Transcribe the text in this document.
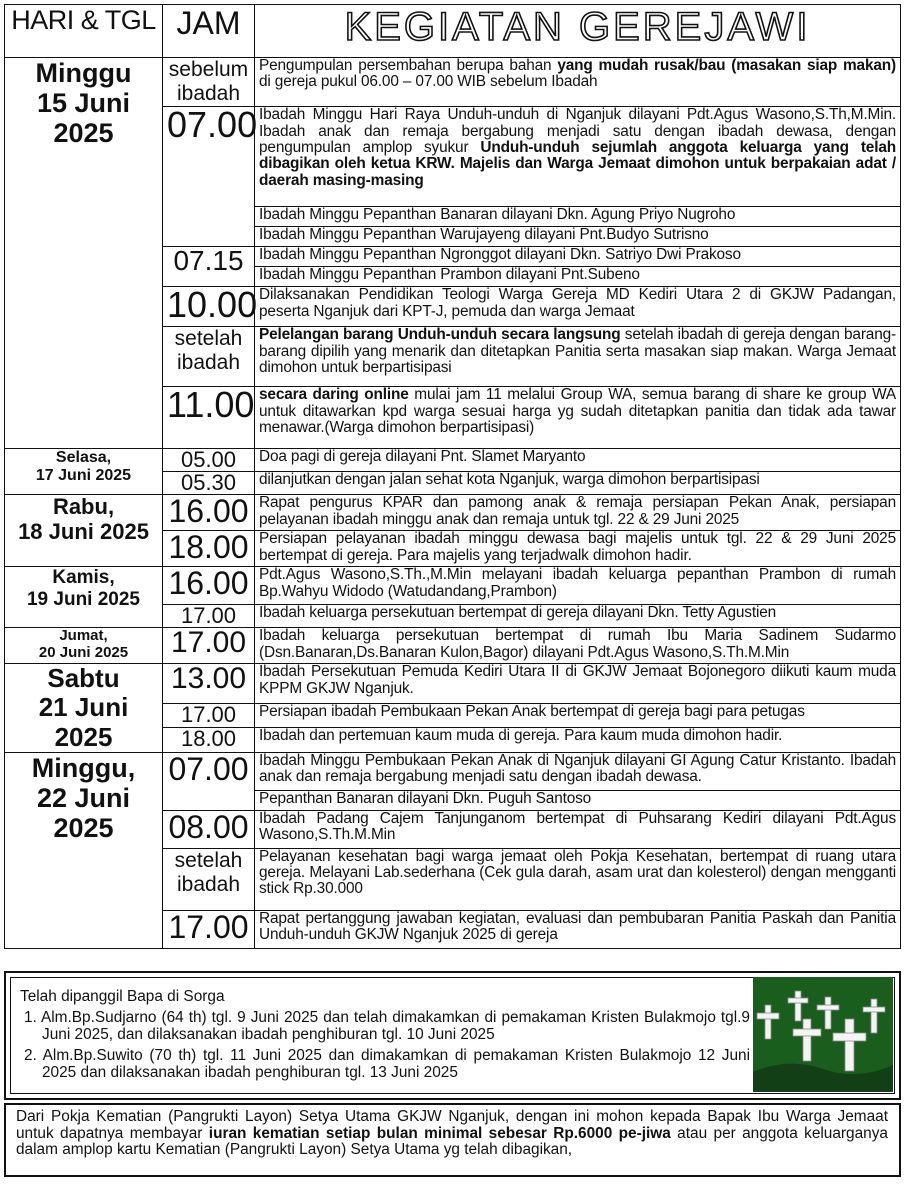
HARI & TGL	JAM	KEGIATAN GEREJAWI

Minggu
15 Juni 2025	sebelum ibadah	Pengumpulan persembahan berupa bahan yang mudah rusak/bau (masakan siap makan) di gereja pukul 06.00 – 07.00 WIB sebelum Ibadah
	07.00	Ibadah Minggu Hari Raya Unduh-unduh di Nganjuk dilayani Pdt.Agus Wasono,S.Th,M.Min. Ibadah anak dan remaja bergabung menjadi satu dengan ibadah dewasa, dengan pengumpulan amplop syukur Unduh-unduh sejumlah anggota keluarga yang telah dibagikan oleh ketua KRW. Majelis dan Warga Jemaat dimohon untuk berpakaian adat / daerah masing-masing
		Ibadah Minggu Pepanthan Banaran dilayani Dkn. Agung Priyo Nugroho
		Ibadah Minggu Pepanthan Warujayeng dilayani Pnt.Budyo Sutrisno
	07.15	Ibadah Minggu Pepanthan Ngronggot dilayani Dkn. Satriyo Dwi Prakoso
		Ibadah Minggu Pepanthan Prambon dilayani Pnt.Subeno
	10.00	Dilaksanakan Pendidikan Teologi Warga Gereja MD Kediri Utara 2 di GKJW Padangan, peserta Nganjuk dari KPT-J, pemuda dan warga Jemaat
	setelah ibadah	Pelelangan barang Unduh-unduh secara langsung setelah ibadah di gereja dengan barang-barang dipilih yang menarik dan ditetapkan Panitia serta masakan siap makan. Warga Jemaat dimohon untuk berpartisipasi
	11.00	secara daring online mulai jam 11 melalui Group WA, semua barang di share ke group WA untuk ditawarkan kpd warga sesuai harga yg sudah ditetapkan panitia dan tidak ada tawar menawar.(Warga dimohon berpartisipasi)

Selasa,
17 Juni 2025	05.00	Doa pagi di gereja dilayani Pnt. Slamet Maryanto
	05.30	dilanjutkan dengan jalan sehat kota Nganjuk, warga dimohon berpartisipasi

Rabu,
18 Juni 2025	16.00	Rapat pengurus KPAR dan pamong anak & remaja persiapan Pekan Anak, persiapan pelayanan ibadah minggu anak dan remaja untuk tgl. 22 & 29 Juni 2025
	18.00	Persiapan pelayanan ibadah minggu dewasa bagi majelis untuk tgl. 22 & 29 Juni 2025 bertempat di gereja. Para majelis yang terjadwalk dimohon hadir.

Kamis,
19 Juni 2025	16.00	Pdt.Agus Wasono,S.Th.,M.Min melayani ibadah keluarga pepanthan Prambon di rumah Bp.Wahyu Widodo (Watudandang,Prambon)
	17.00	Ibadah keluarga persekutuan bertempat di gereja dilayani Dkn. Tetty Agustien

Jumat,
20 Juni 2025	17.00	Ibadah keluarga persekutuan bertempat di rumah Ibu Maria Sadinem Sudarmo (Dsn.Banaran,Ds.Banaran Kulon,Bagor) dilayani Pdt.Agus Wasono,S.Th.M.Min

Sabtu
21 Juni 2025	13.00	Ibadah Persekutuan Pemuda Kediri Utara II di GKJW Jemaat Bojonegoro diikuti kaum muda KPPM GKJW Nganjuk.
	17.00	Persiapan ibadah Pembukaan Pekan Anak bertempat di gereja bagi para petugas
	18.00	Ibadah dan pertemuan kaum muda di gereja. Para kaum muda dimohon hadir.

Minggu,
22 Juni 2025	07.00	Ibadah Minggu Pembukaan Pekan Anak di Nganjuk dilayani GI Agung Catur Kristanto. Ibadah anak dan remaja bergabung menjadi satu dengan ibadah dewasa.
		Pepanthan Banaran dilayani Dkn. Puguh Santoso
	08.00	Ibadah Padang Cajem Tanjunganom bertempat di Puhsarang Kediri dilayani Pdt.Agus Wasono,S.Th.M.Min
	setelah ibadah	Pelayanan kesehatan bagi warga jemaat oleh Pokja Kesehatan, bertempat di ruang utara gereja. Melayani Lab.sederhana (Cek gula darah, asam urat dan kolesterol) dengan mengganti stick Rp.30.000
	17.00	Rapat pertanggung jawaban kegiatan, evaluasi dan pembubaran Panitia Paskah dan Panitia Unduh-unduh GKJW Nganjuk 2025 di gereja

Telah dipanggil Bapa di Sorga

1. Alm.Bp.Sudjarno (64 th) tgl. 9 Juni 2025 dan telah dimakamkan di pemakaman Kristen Bulakmojo tgl.9 Juni 2025, dan dilaksanakan ibadah penghiburan tgl. 10 Juni 2025

2. Alm.Bp.Suwito (70 th) tgl. 11 Juni 2025 dan dimakamkan di pemakaman Kristen Bulakmojo 12 Juni 2025 dan dilaksanakan ibadah penghiburan tgl. 13 Juni 2025

Dari Pokja Kematian (Pangrukti Layon) Setya Utama GKJW Nganjuk, dengan ini mohon kepada Bapak Ibu Warga Jemaat untuk dapatnya membayar iuran kematian setiap bulan minimal sebesar Rp.6000 pe-jiwa atau per anggota keluarganya dalam amplop kartu Kematian (Pangrukti Layon) Setya Utama yg telah dibagikan,
